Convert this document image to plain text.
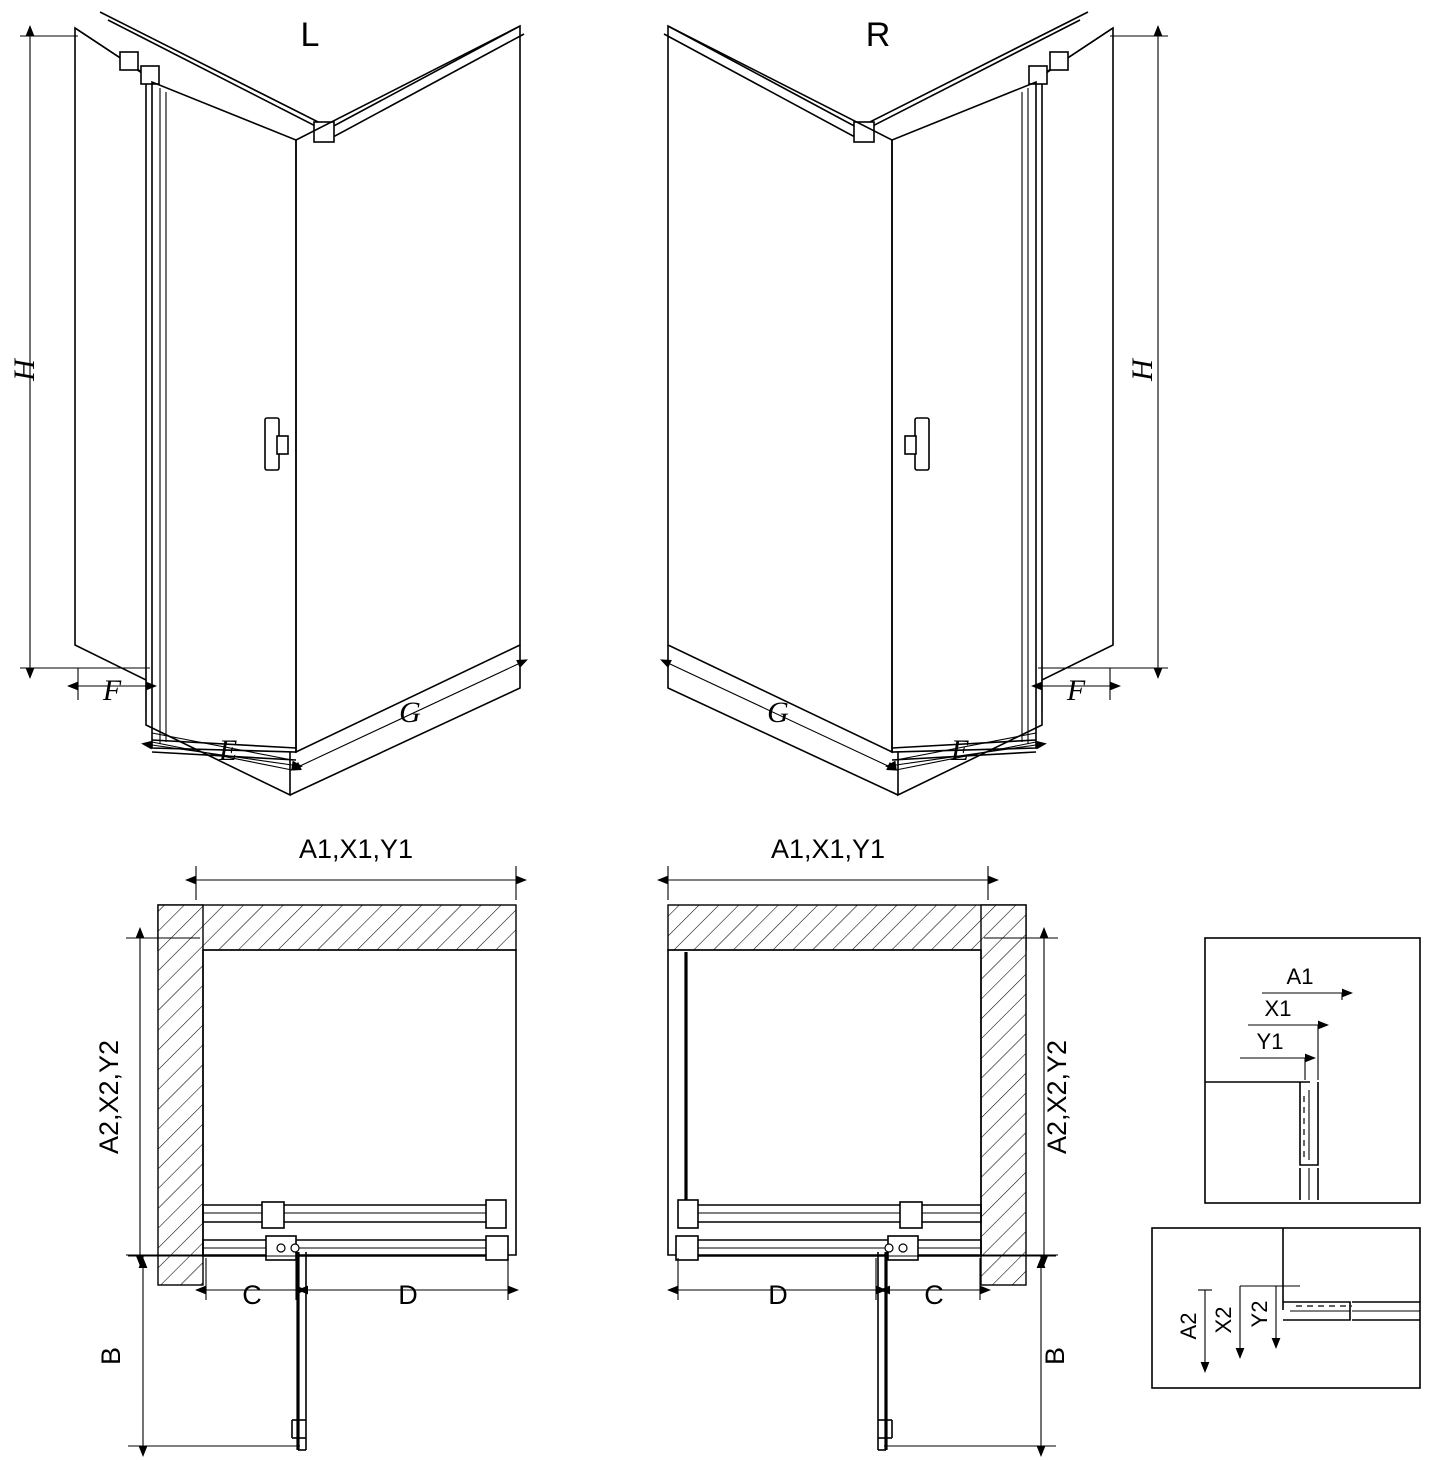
H
F
E
G
L
H
F
E
G
R
A1,X1,Y1
A2,X2,Y2
C	D
B
A1,X1,Y1
A2,X2,Y2
D	C
B
A1
X1
Y1
A2 X2 Y2
